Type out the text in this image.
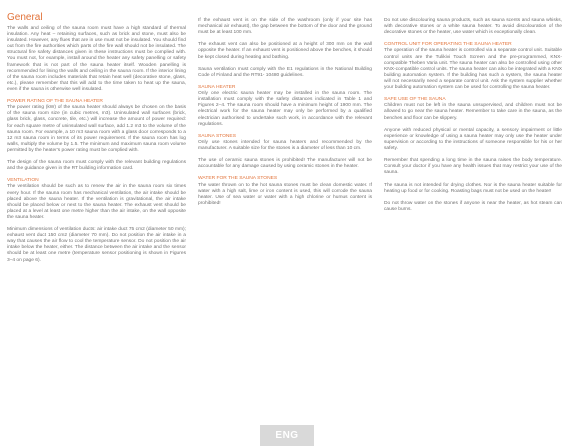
General

The walls and ceiling of the sauna room must have a high standard of thermal insulation. Any heat – retaining surfaces, such as brick and stone, must also be insulated. However, any flues that are in use must not be insulated. You should find out from the fire authorities which parts of the fire wall should not be insulated. The structural fire safety distances given in these instructions must be complied with. You must not, for example, install around the heater any safety panelling or safety framework that is not part of the sauna heater itself. Wooden panelling is recommended for lining the walls and ceiling in the sauna room. If the interior lining of the sauna room includes materials that retain heat well (decorative stone, glass, etc.), please remember that this will add to the time taken to heat up the sauna, even if the sauna is otherwise well insulated.

POWER RATING OF THE SAUNA HEATER

The power rating (kW) of the sauna heater should always be chosen on the basis of the sauna room size (in cubic metres, m3). Uninsulated wall surfaces (brick, glass brick, glass, concrete, tile, etc.) will increase the amount of power required: for each square metre of uninsulated wall surface, add 1.2 m3 to the volume of the sauna room. For example, a 10 m3 sauna room with a glass door corresponds to a 12 m3 sauna room in terms of its power requirement. If the sauna room has log walls, multiply the volume by 1.5. The minimum and maximum sauna room volume permitted by the heater's power rating must be complied with.

The design of the sauna room must comply with the relevant building regulations and the guidance given in the RT building information card.

VENTILATION

The ventilation should be such as to renew the air in the sauna room six times every hour. If the sauna room has mechanical ventilation, the air intake should be placed above the sauna heater. If the ventilation is gravitational, the air intake should be placed below or next to the sauna heater. The exhaust vent should be placed at a level at least one metre higher than the air intake, on the wall opposite the sauna heater.

Minimum dimensions of ventilation ducts: air intake duct 75 cm2 (diameter 50 mm); exhaust vent duct 150 cm2 (diameter 70 mm). Do not position the air intake in a way that causes the air flow to cool the temperature sensor. Do not position the air intake below the heater, either. The distance between the air intake and the sensor should be at least one metre (temperature sensor positioning is shown in Figures 3–4 on page 6).

If the exhaust vent is on the side of the washroom (only if your site has mechanical air exhaust), the gap between the bottom of the door and the ground must be at least 100 mm.

The exhaust vent can also be positioned at a height of 300 mm on the wall opposite the heater. If an exhaust vent is positioned above the benches, it should be kept closed during heating and bathing.

Sauna ventilation must comply with the E1 regulations in the National Building Code of Finland and the RT91- 10480 guidelines.

SAUNA HEATER

Only one electric sauna heater may be installed in the sauna room. The installation must comply with the safety distances indicated in Table 1 and Figures 2–4. The sauna room should have a minimum height of 1900 mm. The electrical work for the sauna heater may only be performed by a qualified electrician authorised to undertake such work, in accordance with the relevant regulations.

SAUNA STONES

Only use stones intended for sauna heaters and recommended by the manufacturer. A suitable size for the stones is a diameter of less than 10 cm.

The use of ceramic sauna stones is prohibited! The manufacturer will not be accountable for any damage caused by using ceramic stones in the heater.

WATER FOR THE SAUNA STONES

The water thrown on to the hot sauna stones must be clean domestic water. If water with a high salt, lime or iron content is used, this will corrode the sauna heater. Use of sea water or water with a high chlorine or humus content is prohibited!

Do not use discolouring sauna products, such as sauna scents and sauna whisks, with decorative stones or a white sauna heater. To avoid discolouration of the decorative stones or the heater, use water which is exceptionally clean.

CONTROL UNIT FOR OPERATING THE SAUNA HEATER

The operation of the sauna heater is controlled via a separate control unit. Suitable control units are the Tulikivi Touch Screen and the pre-programmed, KNX-compatible Theben Varia unit. The sauna heater can also be controlled using other KNX-compatible control units. The sauna heater can also be integrated with a KNX building automation system. If the building has such a system, the sauna heater will not necessarily need a separate control unit. Ask the system supplier whether your building automation system can be used for controlling the sauna heater.

SAFE USE OF THE SAUNA

Children must not be left in the sauna unsupervised, and children must not be allowed to go near the sauna heater. Remember to take care in the sauna, as the benches and floor can be slippery.

Anyone with reduced physical or mental capacity, a sensory impairment or little experience or knowledge of using a sauna heater may only use the heater under supervision or according to the instructions of someone responsible for his or her safety.

Remember that spending a long time in the sauna raises the body temperature. Consult your doctor if you have any health issues that may restrict your use of the sauna.

The sauna is not intended for drying clothes. Nor is the sauna heater suitable for heating up food or for cooking. Roasting bags must not be used on the heater!

Do not throw water on the stones if anyone is near the heater, as hot steam can cause burns.

ENG
